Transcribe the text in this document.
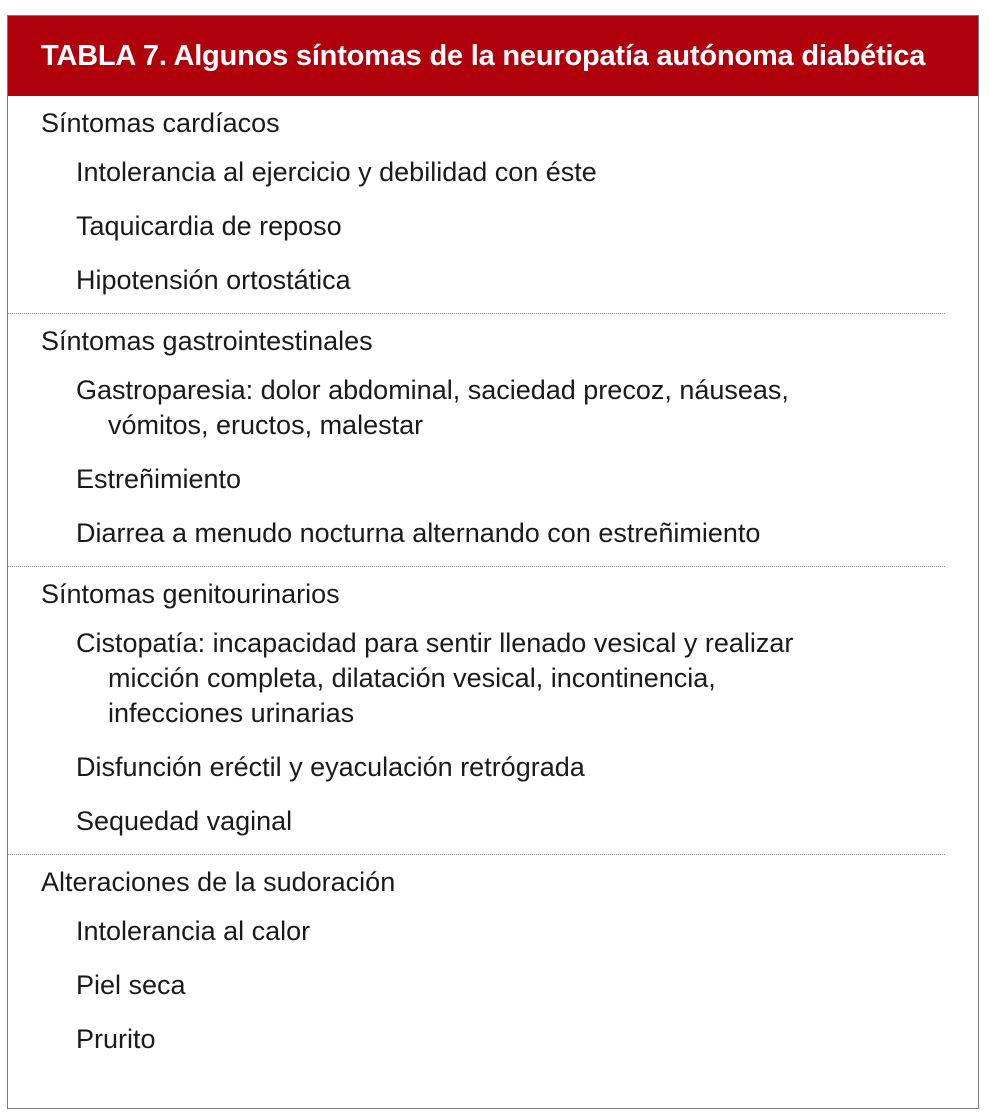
TABLA 7. Algunos síntomas de la neuropatía autónoma diabética
Síntomas cardíacos
Intolerancia al ejercicio y debilidad con éste
Taquicardia de reposo
Hipotensión ortostática
Síntomas gastrointestinales
Gastroparesia: dolor abdominal, saciedad precoz, náuseas,
vómitos, eructos, malestar
Estreñimiento
Diarrea a menudo nocturna alternando con estreñimiento
Síntomas genitourinarios
Cistopatía: incapacidad para sentir llenado vesical y realizar
micción completa, dilatación vesical, incontinencia,
infecciones urinarias
Disfunción eréctil y eyaculación retrógrada
Sequedad vaginal
Alteraciones de la sudoración
Intolerancia al calor
Piel seca
Prurito
